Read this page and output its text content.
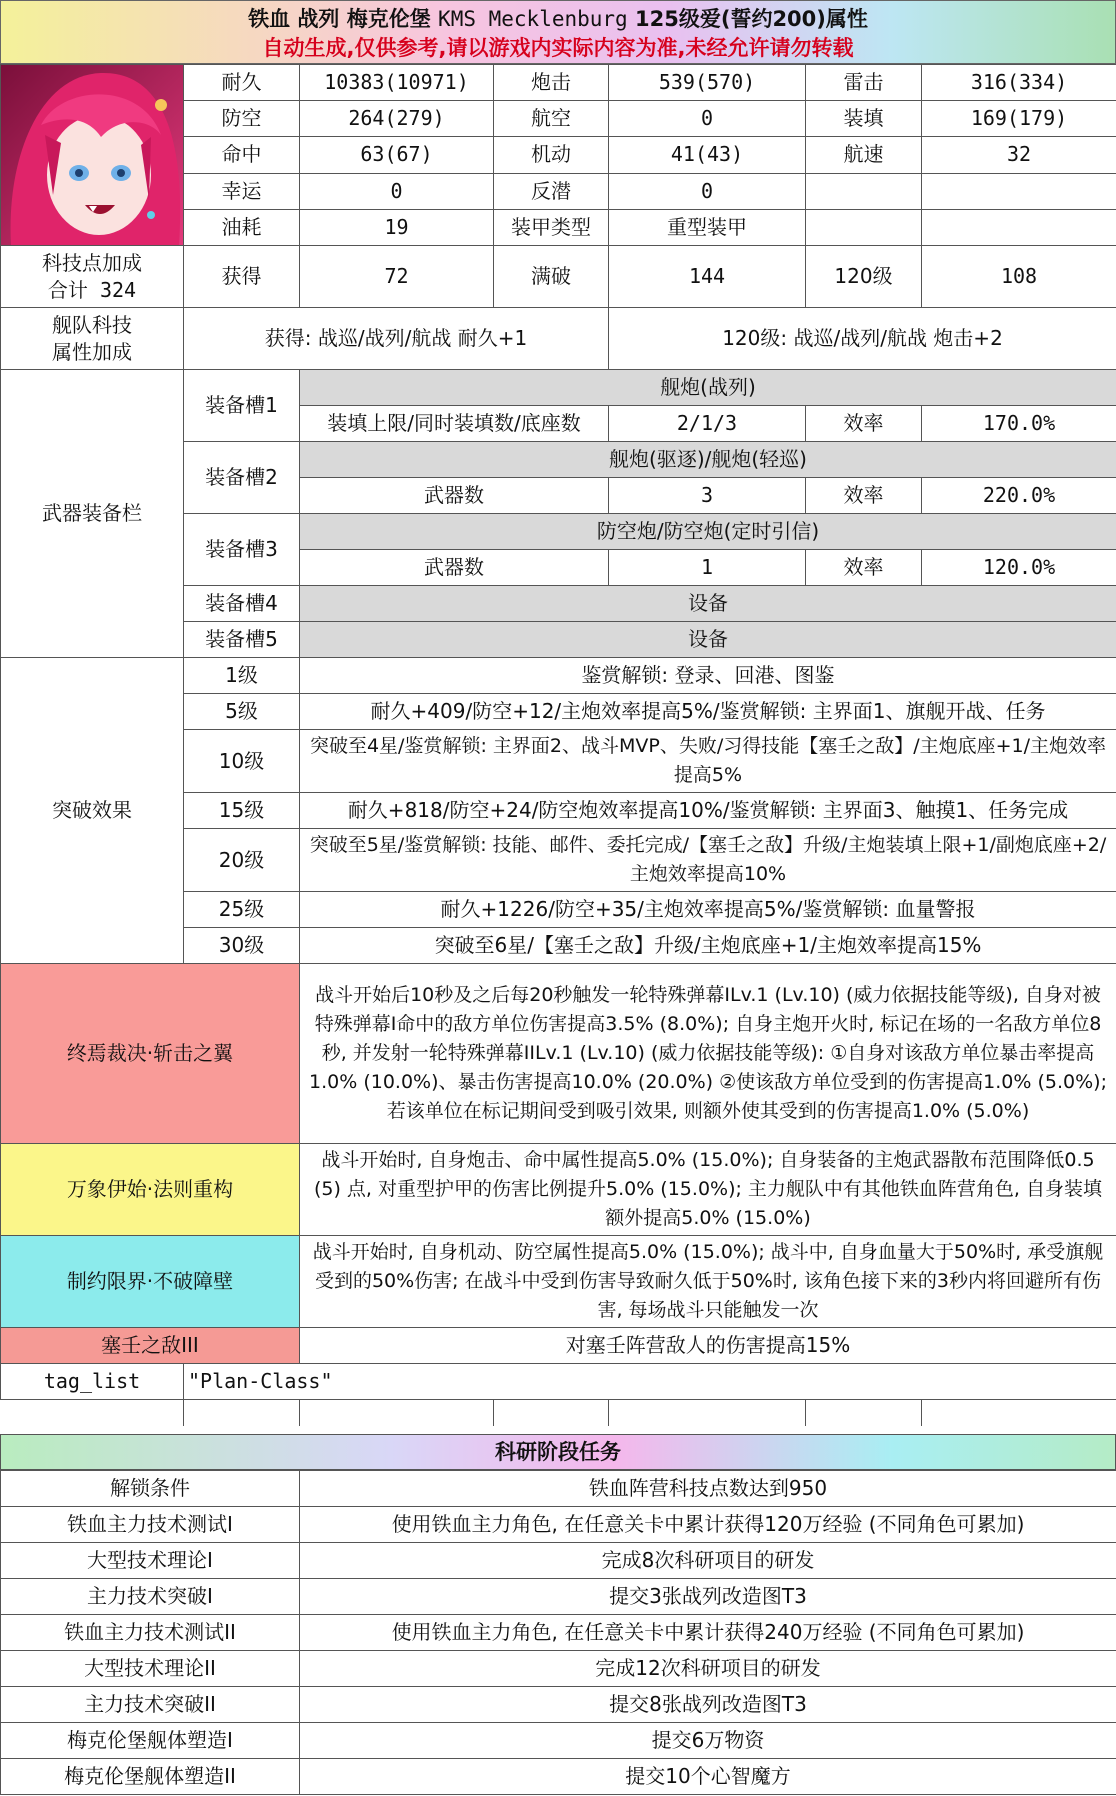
铁血 战列 梅克伦堡 KMS Mecklenburg 125级爱(誓约200)属性
自动生成,仅供参考,请以游戏内实际内容为准,未经允许请勿转载
	耐久	10383(10971)	炮击	539(570)	雷击	316(334)
	防空	264(279)	航空	0	装填	169(179)
	命中	63(67)	机动	41(43)	航速	32
	幸运	0	反潜	0		
	油耗	19	装甲类型	重型装甲		

科技点加成
合计 324	获得	72	满破	144	120级	108

舰队科技
属性加成	获得: 战巡/战列/航战 耐久+1			120级: 战巡/战列/航战 炮击+2		
武器装备栏	装备槽1	舰炮(战列)				
		装填上限/同时装填数/底座数		2/1/3	效率	170.0%
	装备槽2	舰炮(驱逐)/舰炮(轻巡)				
		武器数		3	效率	220.0%
	装备槽3	防空炮/防空炮(定时引信)				
		武器数		1	效率	120.0%
	装备槽4	设备				
	装备槽5	设备				
突破效果	1级	鉴赏解锁: 登录、回港、图鉴				
	5级	耐久+409/防空+12/主炮效率提高5%/鉴赏解锁: 主界面1、旗舰开战、任务				
	10级	突破至4星/鉴赏解锁: 主界面2、战斗MVP、失败/习得技能【塞壬之敌】/主炮底座+1/主炮效率提高5%				
	15级	耐久+818/防空+24/防空炮效率提高10%/鉴赏解锁: 主界面3、触摸1、任务完成				
	20级	突破至5星/鉴赏解锁: 技能、邮件、委托完成/【塞壬之敌】升级/主炮装填上限+1/副炮底座+2/主炮效率提高10%				
	25级	耐久+1226/防空+35/主炮效率提高5%/鉴赏解锁: 血量警报				
	30级	突破至6星/【塞壬之敌】升级/主炮底座+1/主炮效率提高15%				
终焉裁决·斩击之翼		战斗开始后10秒及之后每20秒触发一轮特殊弹幕ILv.1 (Lv.10) (威力依据技能等级), 自身对被特殊弹幕I命中的敌方单位伤害提高3.5% (8.0%); 自身主炮开火时, 标记在场的一名敌方单位8秒, 并发射一轮特殊弹幕IILv.1 (Lv.10) (威力依据技能等级): ①自身对该敌方单位暴击率提高1.0% (10.0%)、暴击伤害提高10.0% (20.0%) ②使该敌方单位受到的伤害提高1.0% (5.0%); 若该单位在标记期间受到吸引效果, 则额外使其受到的伤害提高1.0% (5.0%)				
万象伊始·法则重构		战斗开始时, 自身炮击、命中属性提高5.0% (15.0%); 自身装备的主炮武器散布范围降低0.5 (5) 点, 对重型护甲的伤害比例提升5.0% (15.0%); 主力舰队中有其他铁血阵营角色, 自身装填额外提高5.0% (15.0%)				
制约限界·不破障壁		战斗开始时, 自身机动、防空属性提高5.0% (15.0%); 战斗中, 自身血量大于50%时, 承受旗舰受到的50%伤害; 在战斗中受到伤害导致耐久低于50%时, 该角色接下来的3秒内将回避所有伤害, 每场战斗只能触发一次				
塞壬之敌III		对塞壬阵营敌人的伤害提高15%				
tag_list	"Plan-Class"					

科研阶段任务
解锁条件	铁血阵营科技点数达到950
铁血主力技术测试I	使用铁血主力角色, 在任意关卡中累计获得120万经验 (不同角色可累加)
大型技术理论I	完成8次科研项目的研发
主力技术突破I	提交3张战列改造图T3
铁血主力技术测试II	使用铁血主力角色, 在任意关卡中累计获得240万经验 (不同角色可累加)
大型技术理论II	完成12次科研项目的研发
主力技术突破II	提交8张战列改造图T3
梅克伦堡舰体塑造I	提交6万物资
梅克伦堡舰体塑造II	提交10个心智魔方
